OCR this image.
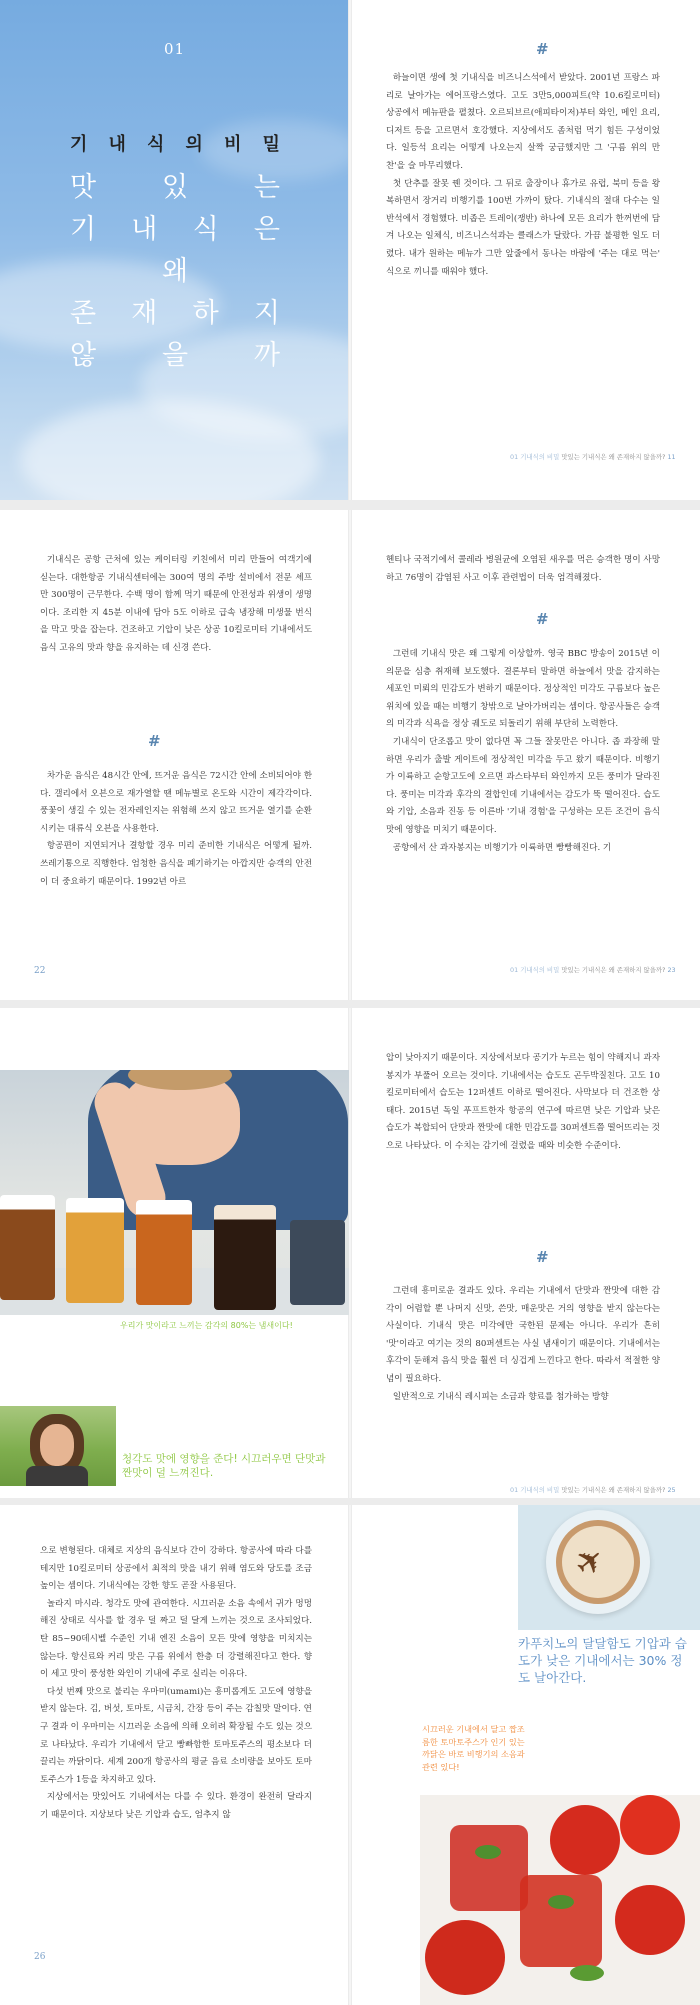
01
기 내 식 의 비 밀
맛 있 는
기 내 식 은
왜
존 재 하 지
않 을 까
#

하늘이면 생에 첫 기내식을 비즈니스석에서 받았다. 2001년 프랑스 파리로 날아가는 에어프랑스였다. 고도 3만5,000피트(약 10.6킬로미터) 상공에서 메뉴판을 펼쳤다. 오르되브르(애피타이저)부터 와인, 메인 요리, 디저트 등을 고르면서 호강했다. 지상에서도 좀처럼 먹기 힘든 구성이었다. 일등석 요리는 어떻게 나오는지 살짝 궁금했지만 그 '구름 위의 만찬'을 슬 마무리했다.

첫 단추를 잘못 꿴 것이다. 그 뒤로 출장이나 휴가로 유럽, 북미 등을 왕복하면서 장거리 비행기를 100번 가까이 탔다. 기내식의 절대 다수는 일반석에서 경험했다. 비좁은 트레이(쟁반) 하나에 모든 요리가 한꺼번에 담겨 나오는 일체식, 비즈니스석과는 클래스가 달랐다. 가끔 불평한 일도 더렸다. 내가 원하는 메뉴가 그만 앞줄에서 동나는 바람에 '주는 대로 먹는' 식으로 끼니를 때워야 했다.

01 기내식의 비밀 맛있는 기내식은 왜 존재하지 않을까? 11

기내식은 공항 근처에 있는 케이터링 키친에서 미리 만들어 여객기에 싣는다. 대한항공 기내식센터에는 300여 명의 주방 설비에서 전문 셰프만 300명이 근무한다. 수백 명이 함께 먹기 때문에 안전성과 위생이 생명이다. 조리한 지 45분 이내에 담아 5도 이하로 급속 냉장해 미생물 번식을 막고 맛을 잡는다. 건조하고 기압이 낮은 상공 10킬로미터 기내에서도 음식 고유의 맛과 향을 유지하는 데 신경 쓴다.

#

차가운 음식은 48시간 안에, 뜨거운 음식은 72시간 안에 소비되어야 한다. 갤리에서 오븐으로 재가열할 땐 메뉴별로 온도와 시간이 제각각이다. 풍꽃이 생길 수 있는 전자레인지는 위험해 쓰지 않고 뜨거운 열기를 순환시키는 대류식 오븐을 사용한다.

항공편이 지연되거나 결항할 경우 미리 준비한 기내식은 어떻게 될까. 쓰레기통으로 직행한다. 엄청한 음식을 폐기하기는 아깝지만 승객의 안전이 더 중요하기 때문이다. 1992년 아르

22

헨티나 국적기에서 콜레라 병원균에 오염된 새우를 먹은 승객한 명이 사망하고 76명이 감염된 사고 이후 관련법이 더욱 엄격해졌다.

#

그런데 기내식 맛은 왜 그렇게 이상할까. 영국 BBC 방송이 2015년 이 의문을 심층 취재해 보도했다. 결론부터 말하면 하늘에서 맛을 감지하는 세포인 미뢰의 민감도가 변하기 때문이다. 정상적인 미각도 구름보다 높은 위치에 있을 때는 비행기 창밖으로 날아가버리는 셈이다. 항공사들은 승객의 미각과 식욕을 정상 궤도로 되돌리기 위해 부단히 노력한다.

기내식이 단조롭고 맛이 없다면 꼭 그들 잘못만은 아니다. 좁 과장해 말하면 우리가 출발 게이트에 정상적인 미각을 두고 왔기 때문이다. 비행기가 이륙하고 순항고도에 오르면 과스타부터 와인까지 모든 풍미가 달라진다. 풍미는 미각과 후각의 결합인데 기내에서는 감도가 뚝 떨어진다. 습도와 기압, 소음과 진동 등 이른바 '기내 경험'을 구성하는 모든 조건이 음식 맛에 영향을 미치기 때문이다.

공항에서 산 과자봉지는 비행기가 이륙하면 빵빵해진다. 기

01 기내식의 비밀 맛있는 기내식은 왜 존재하지 않을까? 23
우리가 맛이라고 느끼는 감각의 80%는 냄새이다!
청각도 맛에 영향을 준다! 시끄러우면 단맛과 짠맛이 덜 느껴진다.

압이 낮아지기 때문이다. 지상에서보다 공기가 누르는 힘이 약해지니 과자봉지가 부풀어 오르는 것이다. 기내에서는 습도도 곤두박질친다. 고도 10킬로미터에서 습도는 12퍼센트 이하로 떨어진다. 사막보다 더 건조한 상태다. 2015년 독일 푸프트한자 항공의 연구에 따르면 낮은 기압과 낮은 습도가 복합되어 단맛과 짠맛에 대한 민감도를 30퍼센트쯤 떨어뜨리는 것으로 나타났다. 이 수치는 감기에 걸렸을 때와 비슷한 수준이다.

#

그런데 흥미로운 결과도 있다. 우리는 기내에서 단맛과 짠맛에 대한 감각이 어렴할 뿐 나머지 신맛, 쓴맛, 매운맛은 거의 영향을 받지 않는다는 사실이다. 기내식 맛은 미각에만 국한된 문제는 아니다. 우리가 흔히 '맛'이라고 여기는 것의 80퍼센트는 사실 냄새이기 때문이다. 기내에서는 후각이 둔해져 음식 맛을 훨씬 더 싱겁게 느낀다고 한다. 따라서 적절한 양념이 필요하다.

일반적으로 기내식 레시피는 소금과 향료를 첨가하는 방향

01 기내식의 비밀 맛있는 기내식은 왜 존재하지 않을까? 25

으로 변형된다. 대체로 지상의 음식보다 간이 강하다. 항공사에 따라 다를 테지만 10킬로미터 상공에서 최적의 맛을 내기 위해 염도와 당도를 조금 높이는 셈이다. 기내식에는 강한 향도 곧잘 사용된다.

놀라지 마시라. 청각도 맛에 관여한다. 시끄러운 소음 속에서 귀가 멍멍해진 상태로 식사를 할 경우 덜 짜고 덜 달게 느끼는 것으로 조사되었다. 탄 85~90데시벨 수준인 기내 엔진 소음이 모든 맛에 영향을 미치지는 않는다. 항신료와 커리 맛은 구름 위에서 한층 더 강렬해진다고 한다. 향이 세고 맛이 풍성한 와인이 기내에 주로 실리는 이유다.

다섯 번째 맛으로 불리는 우마미(umami)는 흥미롭게도 고도에 영향을 받지 않는다. 김, 버섯, 토마토, 시금치, 간장 등이 주는 감칠맛 말이다. 연구 결과 이 우마미는 시끄러운 소음에 의해 오히려 확장될 수도 있는 것으로 나타났다. 우리가 기내에서 닫고 빵빠함한 토마토주스의 평소보다 더 끌리는 까닭이다. 세계 200개 항공사의 평균 음료 소비량을 보아도 토마토주스가 1등을 차지하고 있다.

지상에서는 맛있어도 기내에서는 다를 수 있다. 환경이 완전히 달라지기 때문이다. 지상보다 낮은 기압과 습도, 엄추지 않

26
✈
카푸치노의 달달함도 기압과 습도가 낮은 기내에서는 30% 정도 날아간다.
시끄러운 기내에서 달고 짭조름한 토마토주스가 인기 있는 까닭은 바로 비행기의 소음과 관련 있다!
